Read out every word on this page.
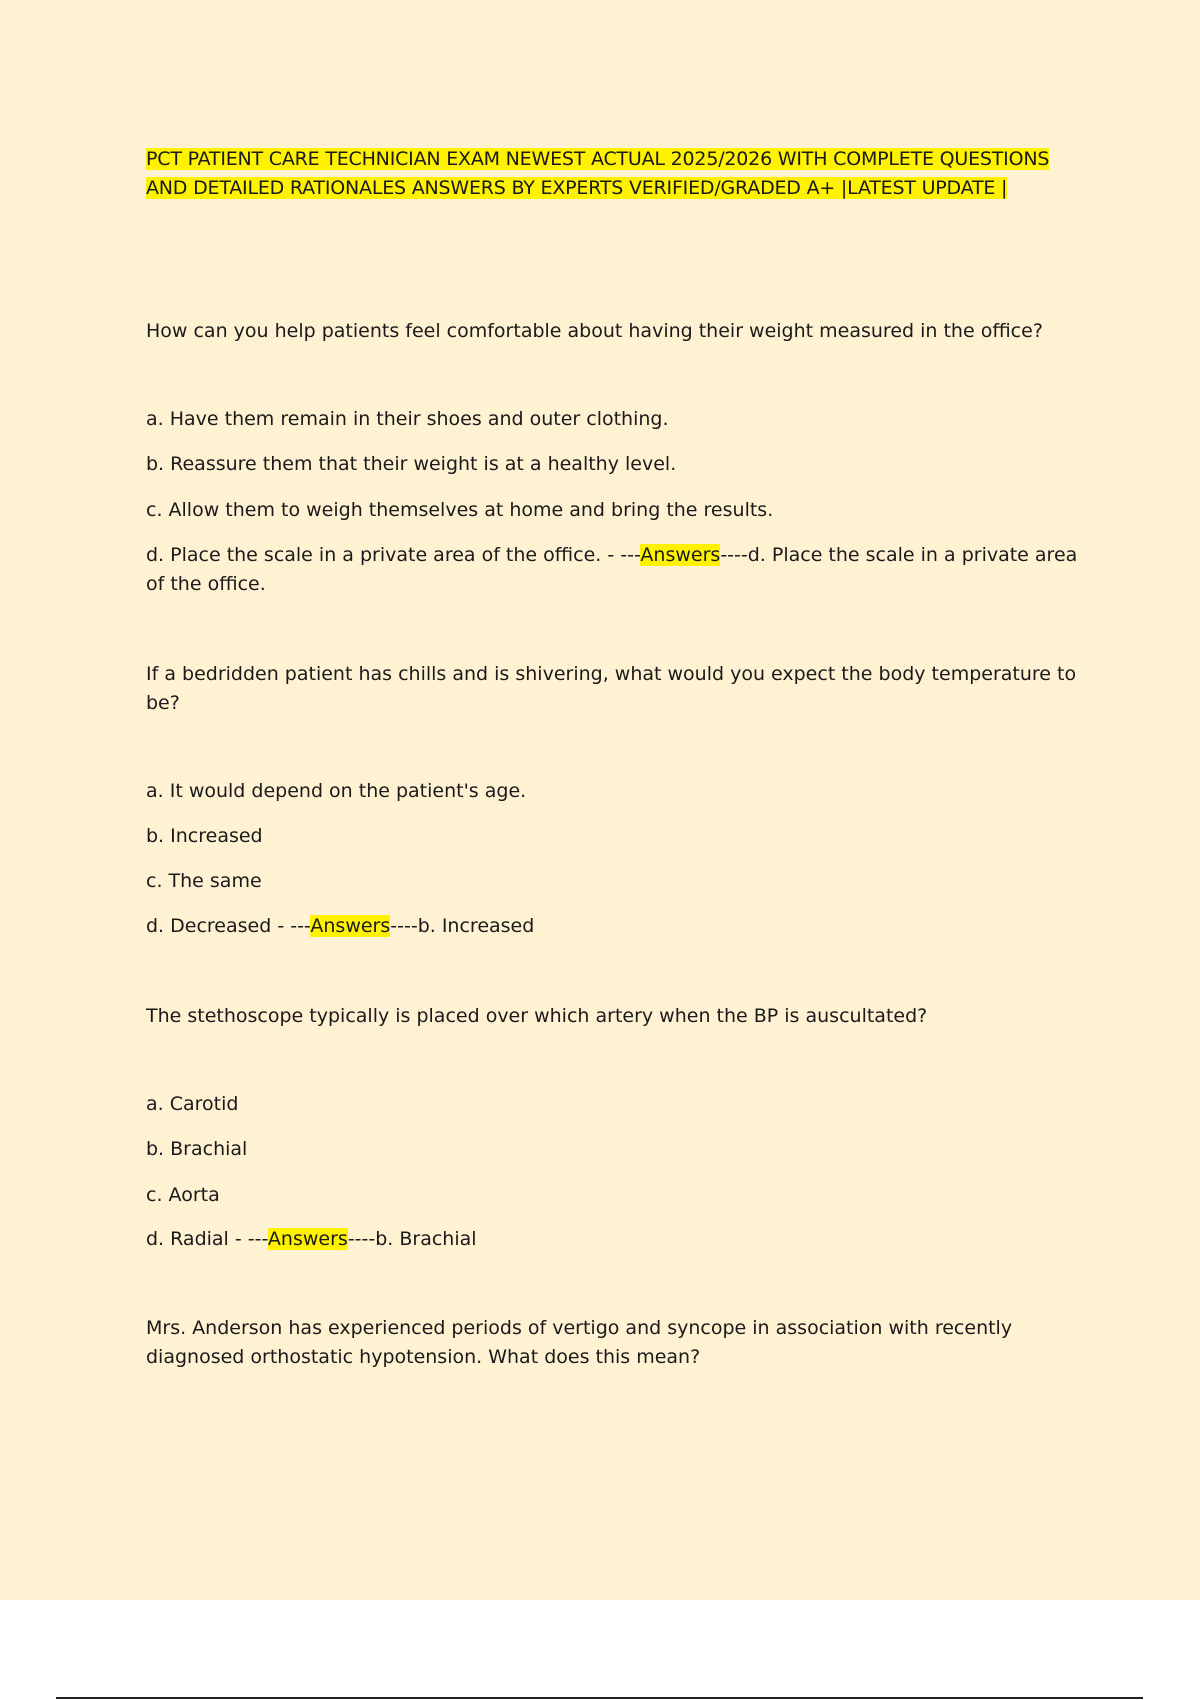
PCT PATIENT CARE TECHNICIAN EXAM NEWEST ACTUAL 2025/2026 WITH COMPLETE QUESTIONS AND DETAILED RATIONALES ANSWERS BY EXPERTS VERIFIED/GRADED A+ |LATEST UPDATE |

How can you help patients feel comfortable about having their weight measured in the office?

a. Have them remain in their shoes and outer clothing.
b. Reassure them that their weight is at a healthy level.
c. Allow them to weigh themselves at home and bring the results.
d. Place the scale in a private area of the office. - ---Answers----d. Place the scale in a private area of the office.

If a bedridden patient has chills and is shivering, what would you expect the body temperature to be?

a. It would depend on the patient's age.
b. Increased
c. The same
d. Decreased - ---Answers----b. Increased

The stethoscope typically is placed over which artery when the BP is auscultated?

a. Carotid
b. Brachial
c. Aorta
d. Radial - ---Answers----b. Brachial

Mrs. Anderson has experienced periods of vertigo and syncope in association with recently diagnosed orthostatic hypotension. What does this mean?
